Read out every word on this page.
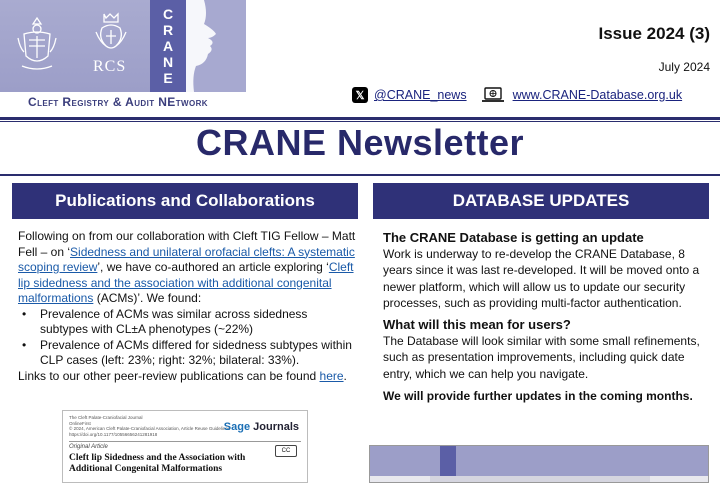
RCS
C
R
A
N
E
Cleft Registry & Audit NEtwork
Issue 2024 (3)
July 2024
𝕏 @CRANE_news	www.CRANE-Database.org.uk
CRANE Newsletter
Publications and Collaborations

Following on from our collaboration with Cleft TIG Fellow – Matt Fell – on ‘Sidedness and unilateral orofacial clefts: A systematic scoping review’, we have co-authored an article exploring ‘Cleft lip sidedness and the association with additional congenital malformations (ACMs)’. We found:

• Prevalence of ACMs was similar across sidedness subtypes with CL±A phenotypes (~22%)
• Prevalence of ACMs differed for sidedness subtypes within CLP cases (left: 23%; right: 32%; bilateral: 33%).

Links to our other peer-review publications can be found here.

The Cleft Palate-Craniofacial Journal
OnlineFirst
© 2024, American Cleft Palate-Craniofacial Association, Article Reuse Guidelines
https://doi.org/10.1177/10556656241281918
Sage Journals
Original Article
CC
Cleft lip Sidedness and the Association with Additional Congenital Malformations
DATABASE UPDATES
The CRANE Database is getting an update

Work is underway to re-develop the CRANE Database, 8 years since it was last re-developed. It will be moved onto a newer platform, which will allow us to update our security processes, such as providing multi-factor authentication.

What will this mean for users?

The Database will look similar with some small refinements, such as presentation improvements, including quick date entry, which we can help you navigate.

We will provide further updates in the coming months.
